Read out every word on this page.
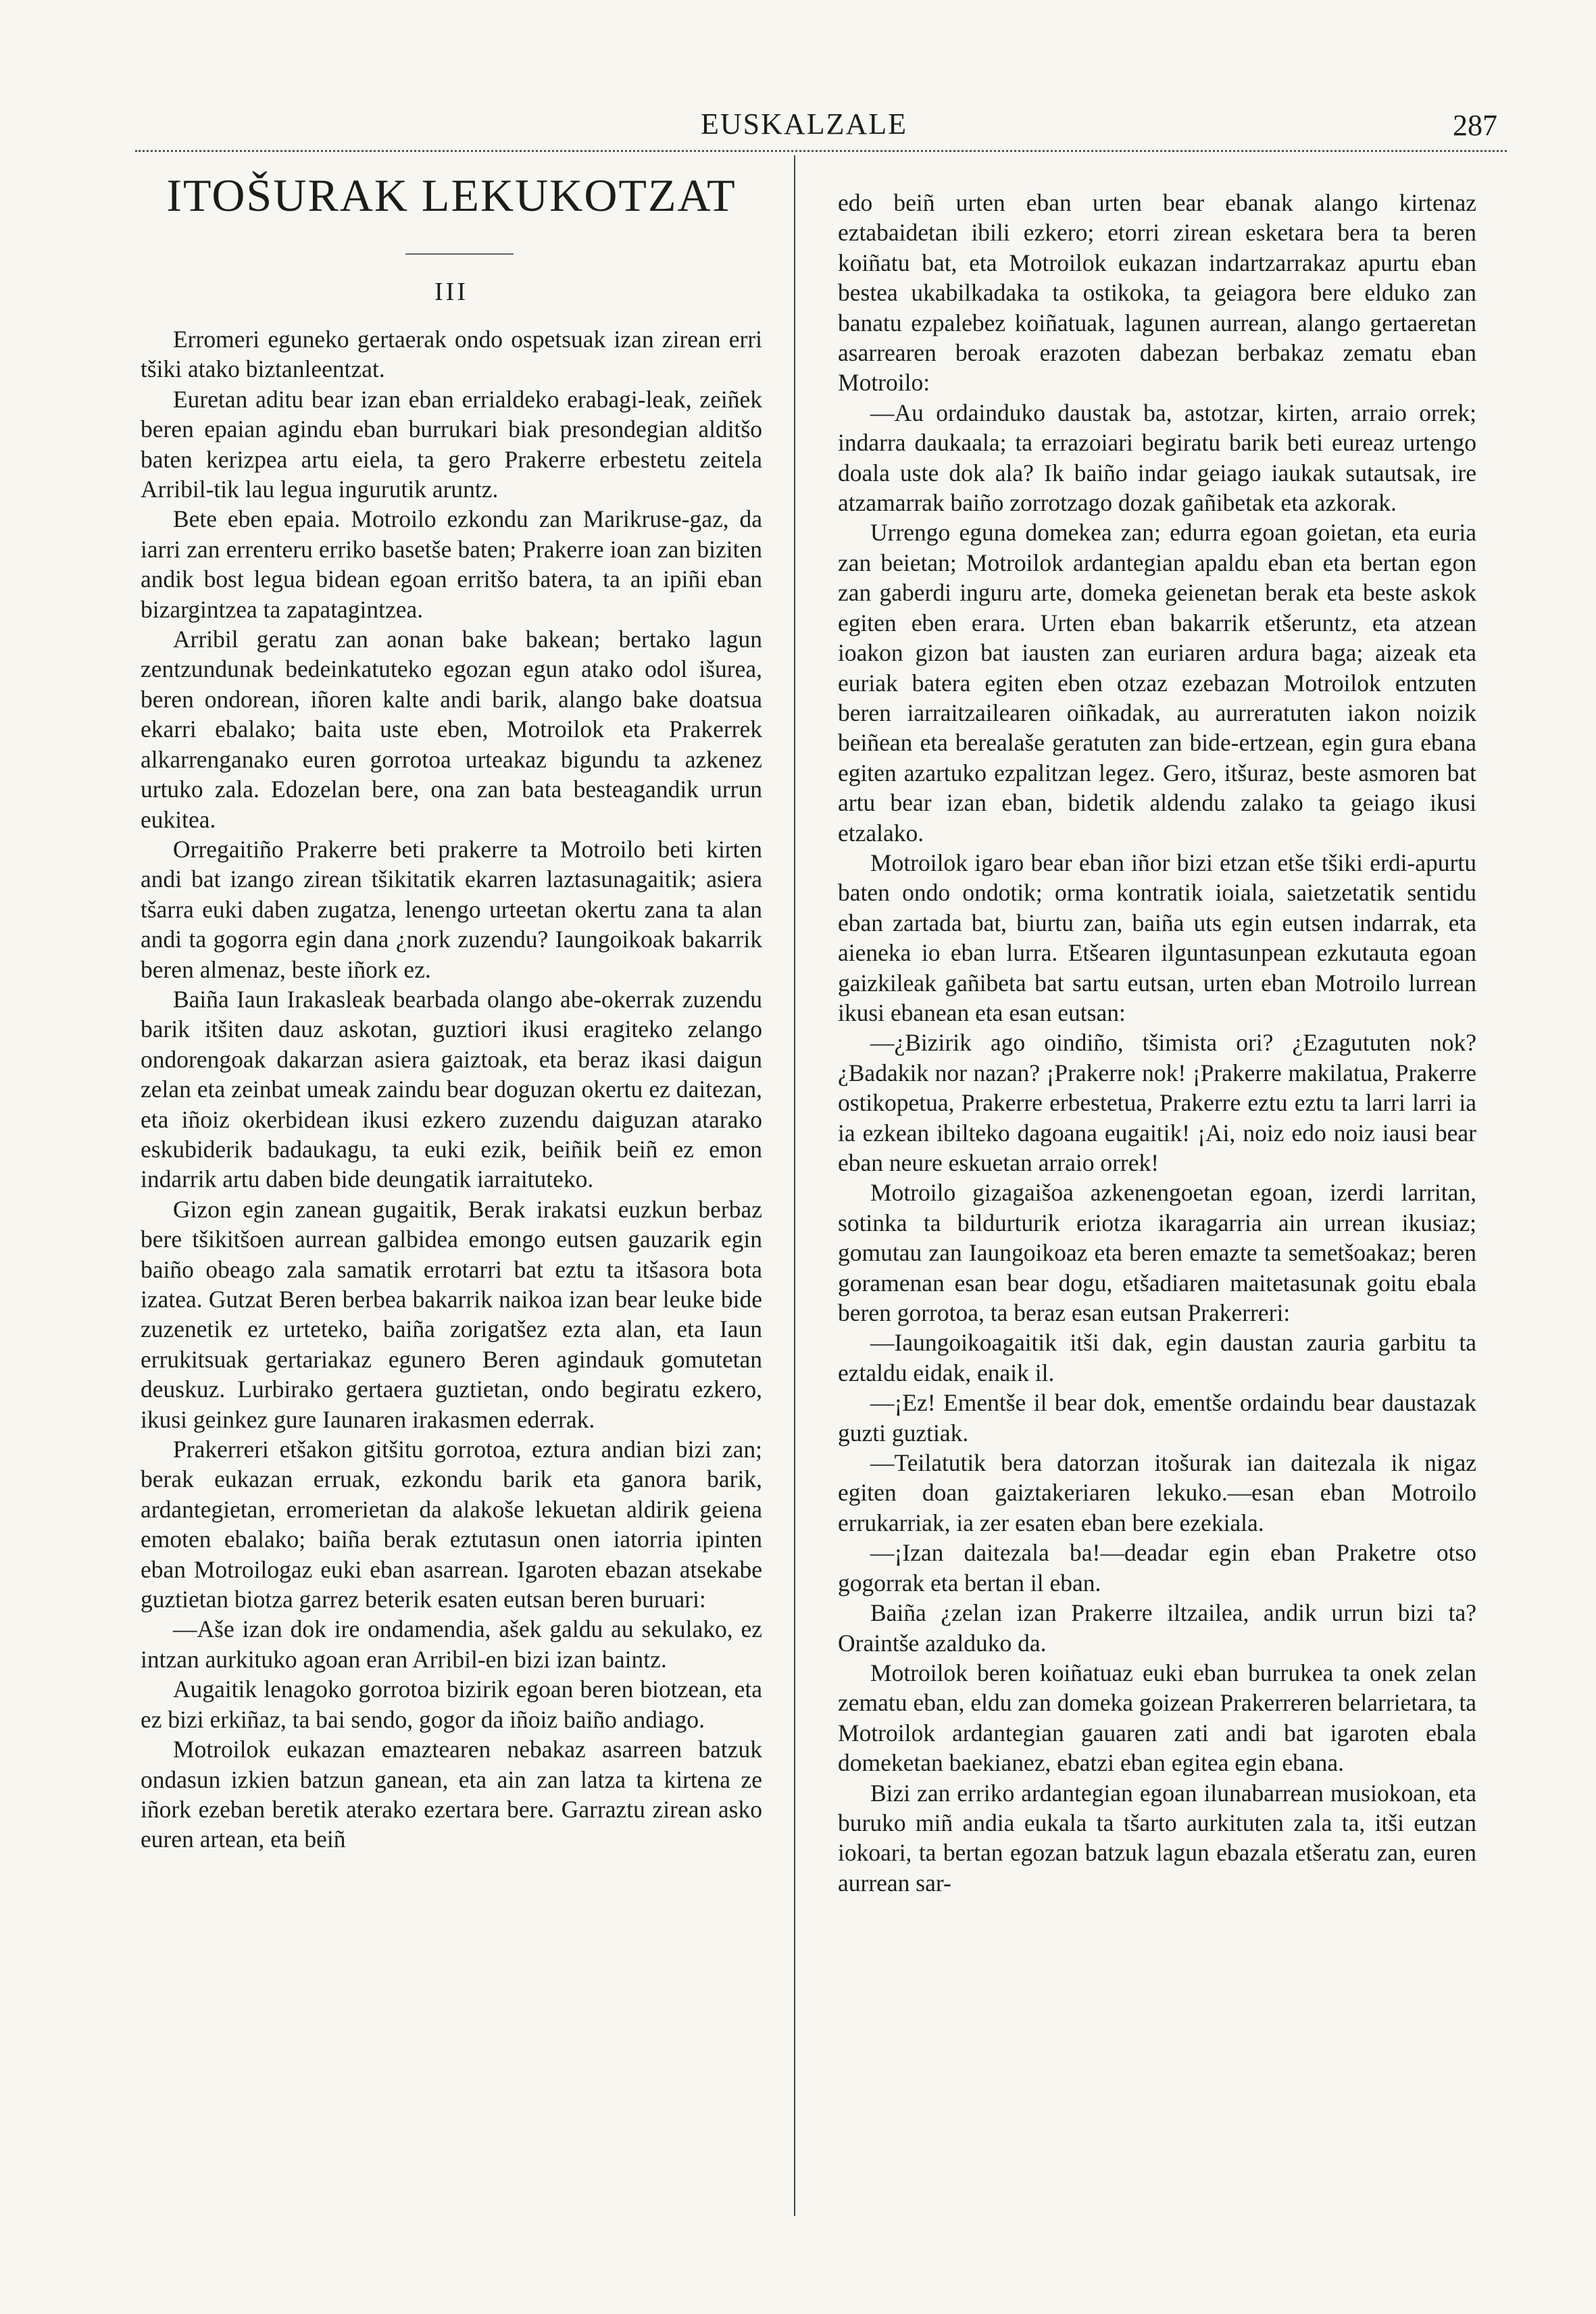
EUSKALZALE	287
ITOŠURAK LEKUKOTZAT
III

Erromeri eguneko gertaerak ondo ospetsuak izan zirean erri tšiki atako biztanleentzat.

Euretan aditu bear izan eban errialdeko erabagi-leak, zeiñek beren epaian agindu eban burrukari biak presondegian alditšo baten kerizpea artu eiela, ta gero Prakerre erbestetu zeitela Arribil-tik lau legua ingurutik aruntz.

Bete eben epaia. Motroilo ezkondu zan Marikruse-gaz, da iarri zan errenteru erriko basetše baten; Prakerre ioan zan biziten andik bost legua bidean egoan erritšo batera, ta an ipiñi eban bizargintzea ta zapatagintzea.

Arribil geratu zan aonan bake bakean; bertako lagun zentzundunak bedeinkatuteko egozan egun atako odol išurea, beren ondorean, iñoren kalte andi barik, alango bake doatsua ekarri ebalako; baita uste eben, Motroilok eta Prakerrek alkarrenganako euren gorrotoa urteakaz bigundu ta azkenez urtuko zala. Edozelan bere, ona zan bata besteagandik urrun eukitea.

Orregaitiño Prakerre beti prakerre ta Motroilo beti kirten andi bat izango zirean tšikitatik ekarren laztasunagaitik; asiera tšarra euki daben zugatza, lenengo urteetan okertu zana ta alan andi ta gogorra egin dana ¿nork zuzendu? Iaungoikoak bakarrik beren almenaz, beste iñork ez.

Baiña Iaun Irakasleak bearbada olango abe-okerrak zuzendu barik itšiten dauz askotan, guztiori ikusi eragiteko zelango ondorengoak dakarzan asiera gaiztoak, eta beraz ikasi daigun zelan eta zeinbat umeak zaindu bear doguzan okertu ez daitezan, eta iñoiz okerbidean ikusi ezkero zuzendu daiguzan atarako eskubiderik badaukagu, ta euki ezik, beiñik beiñ ez emon indarrik artu daben bide deungatik iarraituteko.

Gizon egin zanean gugaitik, Berak irakatsi euzkun berbaz bere tšikitšoen aurrean galbidea emongo eutsen gauzarik egin baiño obeago zala samatik errotarri bat eztu ta itšasora bota izatea. Gutzat Beren berbea bakarrik naikoa izan bear leuke bide zuzenetik ez urteteko, baiña zorigatšez ezta alan, eta Iaun errukitsuak gertariakaz egunero Beren agindauk gomutetan deuskuz. Lurbirako gertaera guztietan, ondo begiratu ezkero, ikusi geinkez gure Iaunaren irakasmen ederrak.

Prakerreri etšakon gitšitu gorrotoa, eztura andian bizi zan; berak eukazan erruak, ezkondu barik eta ganora barik, ardantegietan, erromerietan da alakoše lekuetan aldirik geiena emoten ebalako; baiña berak eztutasun onen iatorria ipinten eban Motroilogaz euki eban asarrean. Igaroten ebazan atsekabe guztietan biotza garrez beterik esaten eutsan beren buruari:

—Aše izan dok ire ondamendia, ašek galdu au sekulako, ez intzan aurkituko agoan eran Arribil-en bizi izan baintz.

Augaitik lenagoko gorrotoa bizirik egoan beren biotzean, eta ez bizi erkiñaz, ta bai sendo, gogor da iñoiz baiño andiago.

Motroilok eukazan emaztearen nebakaz asarreen batzuk ondasun izkien batzun ganean, eta ain zan latza ta kirtena ze iñork ezeban beretik aterako ezertara bere. Garraztu zirean asko euren artean, eta beiñ

edo beiñ urten eban urten bear ebanak alango kirtenaz eztabaidetan ibili ezkero; etorri zirean esketara bera ta beren koiñatu bat, eta Motroilok eukazan indartzarrakaz apurtu eban bestea ukabilkadaka ta ostikoka, ta geiagora bere elduko zan banatu ezpalebez koiñatuak, lagunen aurrean, alango gertaeretan asarrearen beroak erazoten dabezan berbakaz zematu eban Motroilo:

—Au ordainduko daustak ba, astotzar, kirten, arraio orrek; indarra daukaala; ta errazoiari begiratu barik beti eureaz urtengo doala uste dok ala? Ik baiño indar geiago iaukak sutautsak, ire atzamarrak baiño zorrotzago dozak gañibetak eta azkorak.

Urrengo eguna domekea zan; edurra egoan goietan, eta euria zan beietan; Motroilok ardantegian apaldu eban eta bertan egon zan gaberdi inguru arte, domeka geienetan berak eta beste askok egiten eben erara. Urten eban bakarrik etšeruntz, eta atzean ioakon gizon bat iausten zan euriaren ardura baga; aizeak eta euriak batera egiten eben otzaz ezebazan Motroilok entzuten beren iarraitzailearen oiñkadak, au aurreratuten iakon noizik beiñean eta berealaše geratuten zan bide-ertzean, egin gura ebana egiten azartuko ezpalitzan legez. Gero, itšuraz, beste asmoren bat artu bear izan eban, bidetik aldendu zalako ta geiago ikusi etzalako.

Motroilok igaro bear eban iñor bizi etzan etše tšiki erdi-apurtu baten ondo ondotik; orma kontratik ioiala, saietzetatik sentidu eban zartada bat, biurtu zan, baiña uts egin eutsen indarrak, eta aieneka io eban lurra. Etšearen ilguntasunpean ezkutauta egoan gaizkileak gañibeta bat sartu eutsan, urten eban Motroilo lurrean ikusi ebanean eta esan eutsan:

—¿Bizirik ago oindiño, tšimista ori? ¿Ezagututen nok? ¿Badakik nor nazan? ¡Prakerre nok! ¡Prakerre makilatua, Prakerre ostikopetua, Prakerre erbestetua, Prakerre eztu eztu ta larri larri ia ia ezkean ibilteko dagoana eugaitik! ¡Ai, noiz edo noiz iausi bear eban neure eskuetan arraio orrek!

Motroilo gizagaišoa azkenengoetan egoan, izerdi larritan, sotinka ta bildurturik eriotza ikaragarria ain urrean ikusiaz; gomutau zan Iaungoikoaz eta beren emazte ta semetšoakaz; beren goramenan esan bear dogu, etšadiaren maitetasunak goitu ebala beren gorrotoa, ta beraz esan eutsan Prakerreri:

—Iaungoikoagaitik itši dak, egin daustan zauria garbitu ta eztaldu eidak, enaik il.

—¡Ez! Ementše il bear dok, ementše ordaindu bear daustazak guzti guztiak.

—Teilatutik bera datorzan itošurak ian daitezala ik nigaz egiten doan gaiztakeriaren lekuko.—esan eban Motroilo errukarriak, ia zer esaten eban bere ezekiala.

—¡Izan daitezala ba!—deadar egin eban Praketre otso gogorrak eta bertan il eban.

Baiña ¿zelan izan Prakerre iltzailea, andik urrun bizi ta? Oraintše azalduko da.

Motroilok beren koiñatuaz euki eban burrukea ta onek zelan zematu eban, eldu zan domeka goizean Prakerreren belarrietara, ta Motroilok ardantegian gauaren zati andi bat igaroten ebala domeketan baekianez, ebatzi eban egitea egin ebana.

Bizi zan erriko ardantegian egoan ilunabarrean musiokoan, eta buruko miñ andia eukala ta tšarto aurkituten zala ta, itši eutzan iokoari, ta bertan egozan batzuk lagun ebazala etšeratu zan, euren aurrean sar-
